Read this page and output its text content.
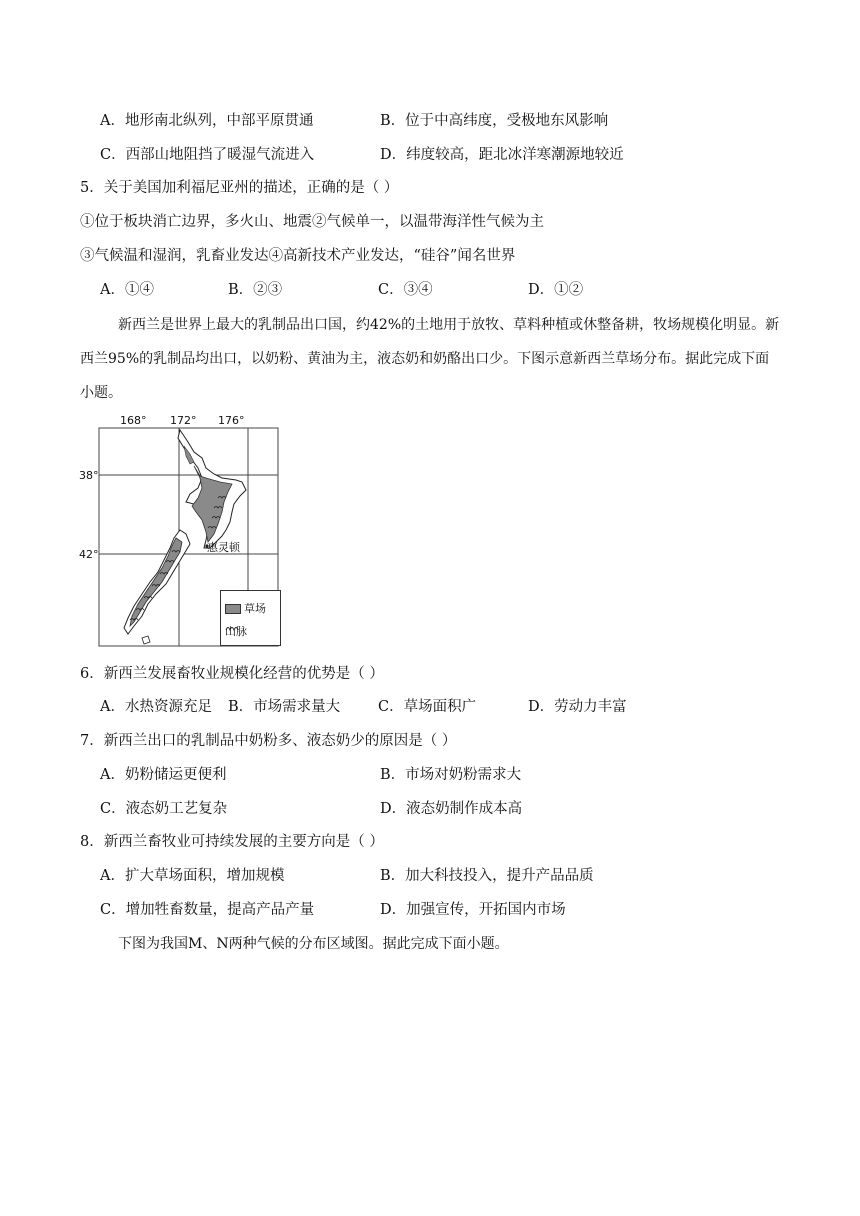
A．地形南北纵列，中部平原贯通	B．位于中高纬度，受极地东风影响
C．西部山地阻挡了暖湿气流进入	D．纬度较高，距北冰洋寒潮源地较近
5．关于美国加利福尼亚州的描述，正确的是（ ）
①位于板块消亡边界，多火山、地震②气候单一，以温带海洋性气候为主
③气候温和湿润，乳畜业发达④高新技术产业发达，“硅谷”闻名世界
A．①④	B．②③	C．③④	D．①②
新西兰是世界上最大的乳制品出口国，约42%的土地用于放牧、草料种植或休整备耕，牧场规模化明显。新西兰95%的乳制品均出口，以奶粉、黄油为主，液态奶和奶酪出口少。下图示意新西兰草场分布。据此完成下面小题。
168° 172° 176°
38°
42°
惠灵顿
草场
山脉
6．新西兰发展畜牧业规模化经营的优势是（ ）
A．水热资源充足 B．市场需求量大	C．草场面积广	D．劳动力丰富
7．新西兰出口的乳制品中奶粉多、液态奶少的原因是（ ）
A．奶粉储运更便利	B．市场对奶粉需求大
C．液态奶工艺复杂	D．液态奶制作成本高
8．新西兰畜牧业可持续发展的主要方向是（ ）
A．扩大草场面积，增加规模	B．加大科技投入，提升产品品质
C．增加牲畜数量，提高产品产量	D．加强宣传，开拓国内市场
下图为我国M、N两种气候的分布区域图。据此完成下面小题。
